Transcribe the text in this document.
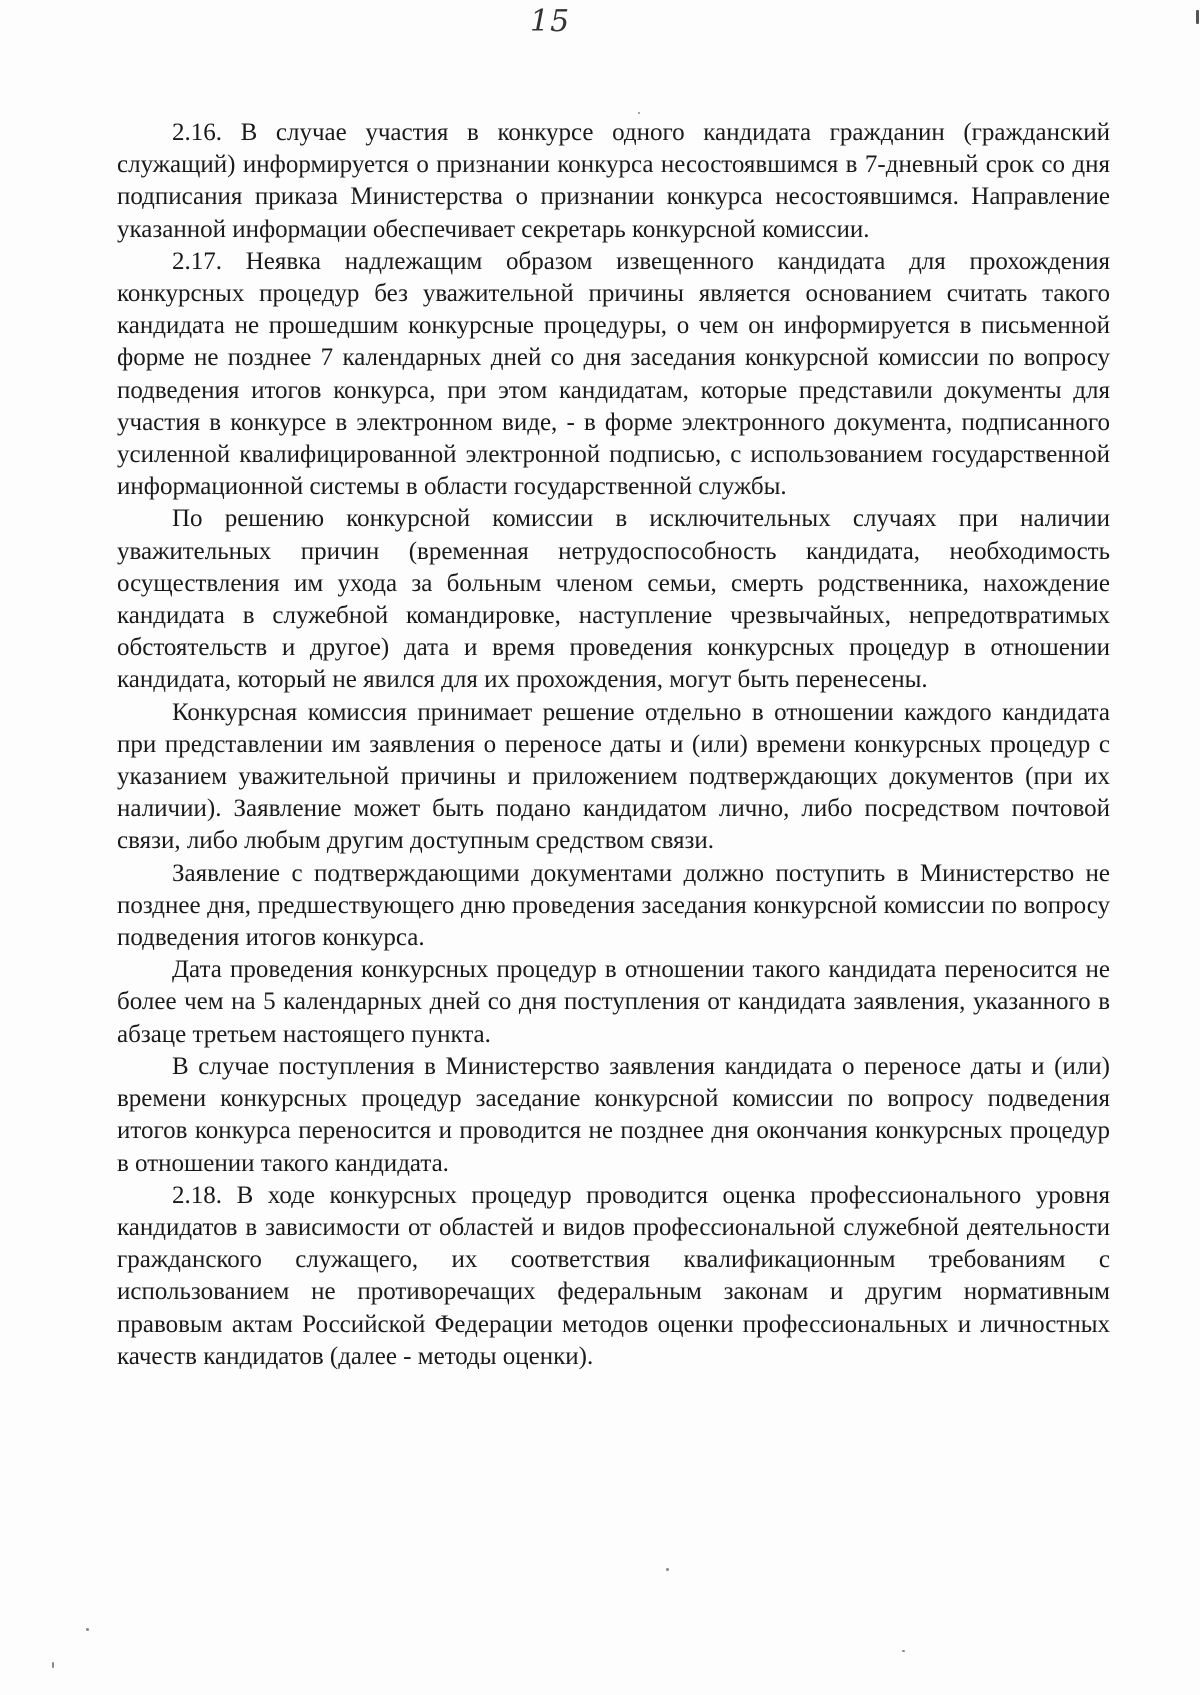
15

2.16. В случае участия в конкурсе одного кандидата гражданин (гражданский служащий) информируется о признании конкурса несостоявшимся в 7-дневный срок со дня подписания приказа Министерства о признании конкурса несостоявшимся. Направление указанной информации обеспечивает секретарь конкурсной комиссии.

2.17. Неявка надлежащим образом извещенного кандидата для прохождения конкурсных процедур без уважительной причины является основанием считать такого кандидата не прошедшим конкурсные процедуры, о чем он информируется в письменной форме не позднее 7 календарных дней со дня заседания конкурсной комиссии по вопросу подведения итогов конкурса, при этом кандидатам, которые представили документы для участия в конкурсе в электронном виде, - в форме электронного документа, подписанного усиленной квалифицированной электронной подписью, с использованием государственной информационной системы в области государственной службы.

По решению конкурсной комиссии в исключительных случаях при наличии уважительных причин (временная нетрудоспособность кандидата, необходимость осуществления им ухода за больным членом семьи, смерть родственника, нахождение кандидата в служебной командировке, наступление чрезвычайных, непредотвратимых обстоятельств и другое) дата и время проведения конкурсных процедур в отношении кандидата, который не явился для их прохождения, могут быть перенесены.

Конкурсная комиссия принимает решение отдельно в отношении каждого кандидата при представлении им заявления о переносе даты и (или) времени конкурсных процедур с указанием уважительной причины и приложением подтверждающих документов (при их наличии). Заявление может быть подано кандидатом лично, либо посредством почтовой связи, либо любым другим доступным средством связи.

Заявление с подтверждающими документами должно поступить в Министерство не позднее дня, предшествующего дню проведения заседания конкурсной комиссии по вопросу подведения итогов конкурса.

Дата проведения конкурсных процедур в отношении такого кандидата переносится не более чем на 5 календарных дней со дня поступления от кандидата заявления, указанного в абзаце третьем настоящего пункта.

В случае поступления в Министерство заявления кандидата о переносе даты и (или) времени конкурсных процедур заседание конкурсной комиссии по вопросу подведения итогов конкурса переносится и проводится не позднее дня окончания конкурсных процедур в отношении такого кандидата.

2.18. В ходе конкурсных процедур проводится оценка профессионального уровня кандидатов в зависимости от областей и видов профессиональной служебной деятельности гражданского служащего, их соответствия квалификационным требованиям с использованием не противоречащих федеральным законам и другим нормативным правовым актам Российской Федерации методов оценки профессиональных и личностных качеств кандидатов (далее - методы оценки).
